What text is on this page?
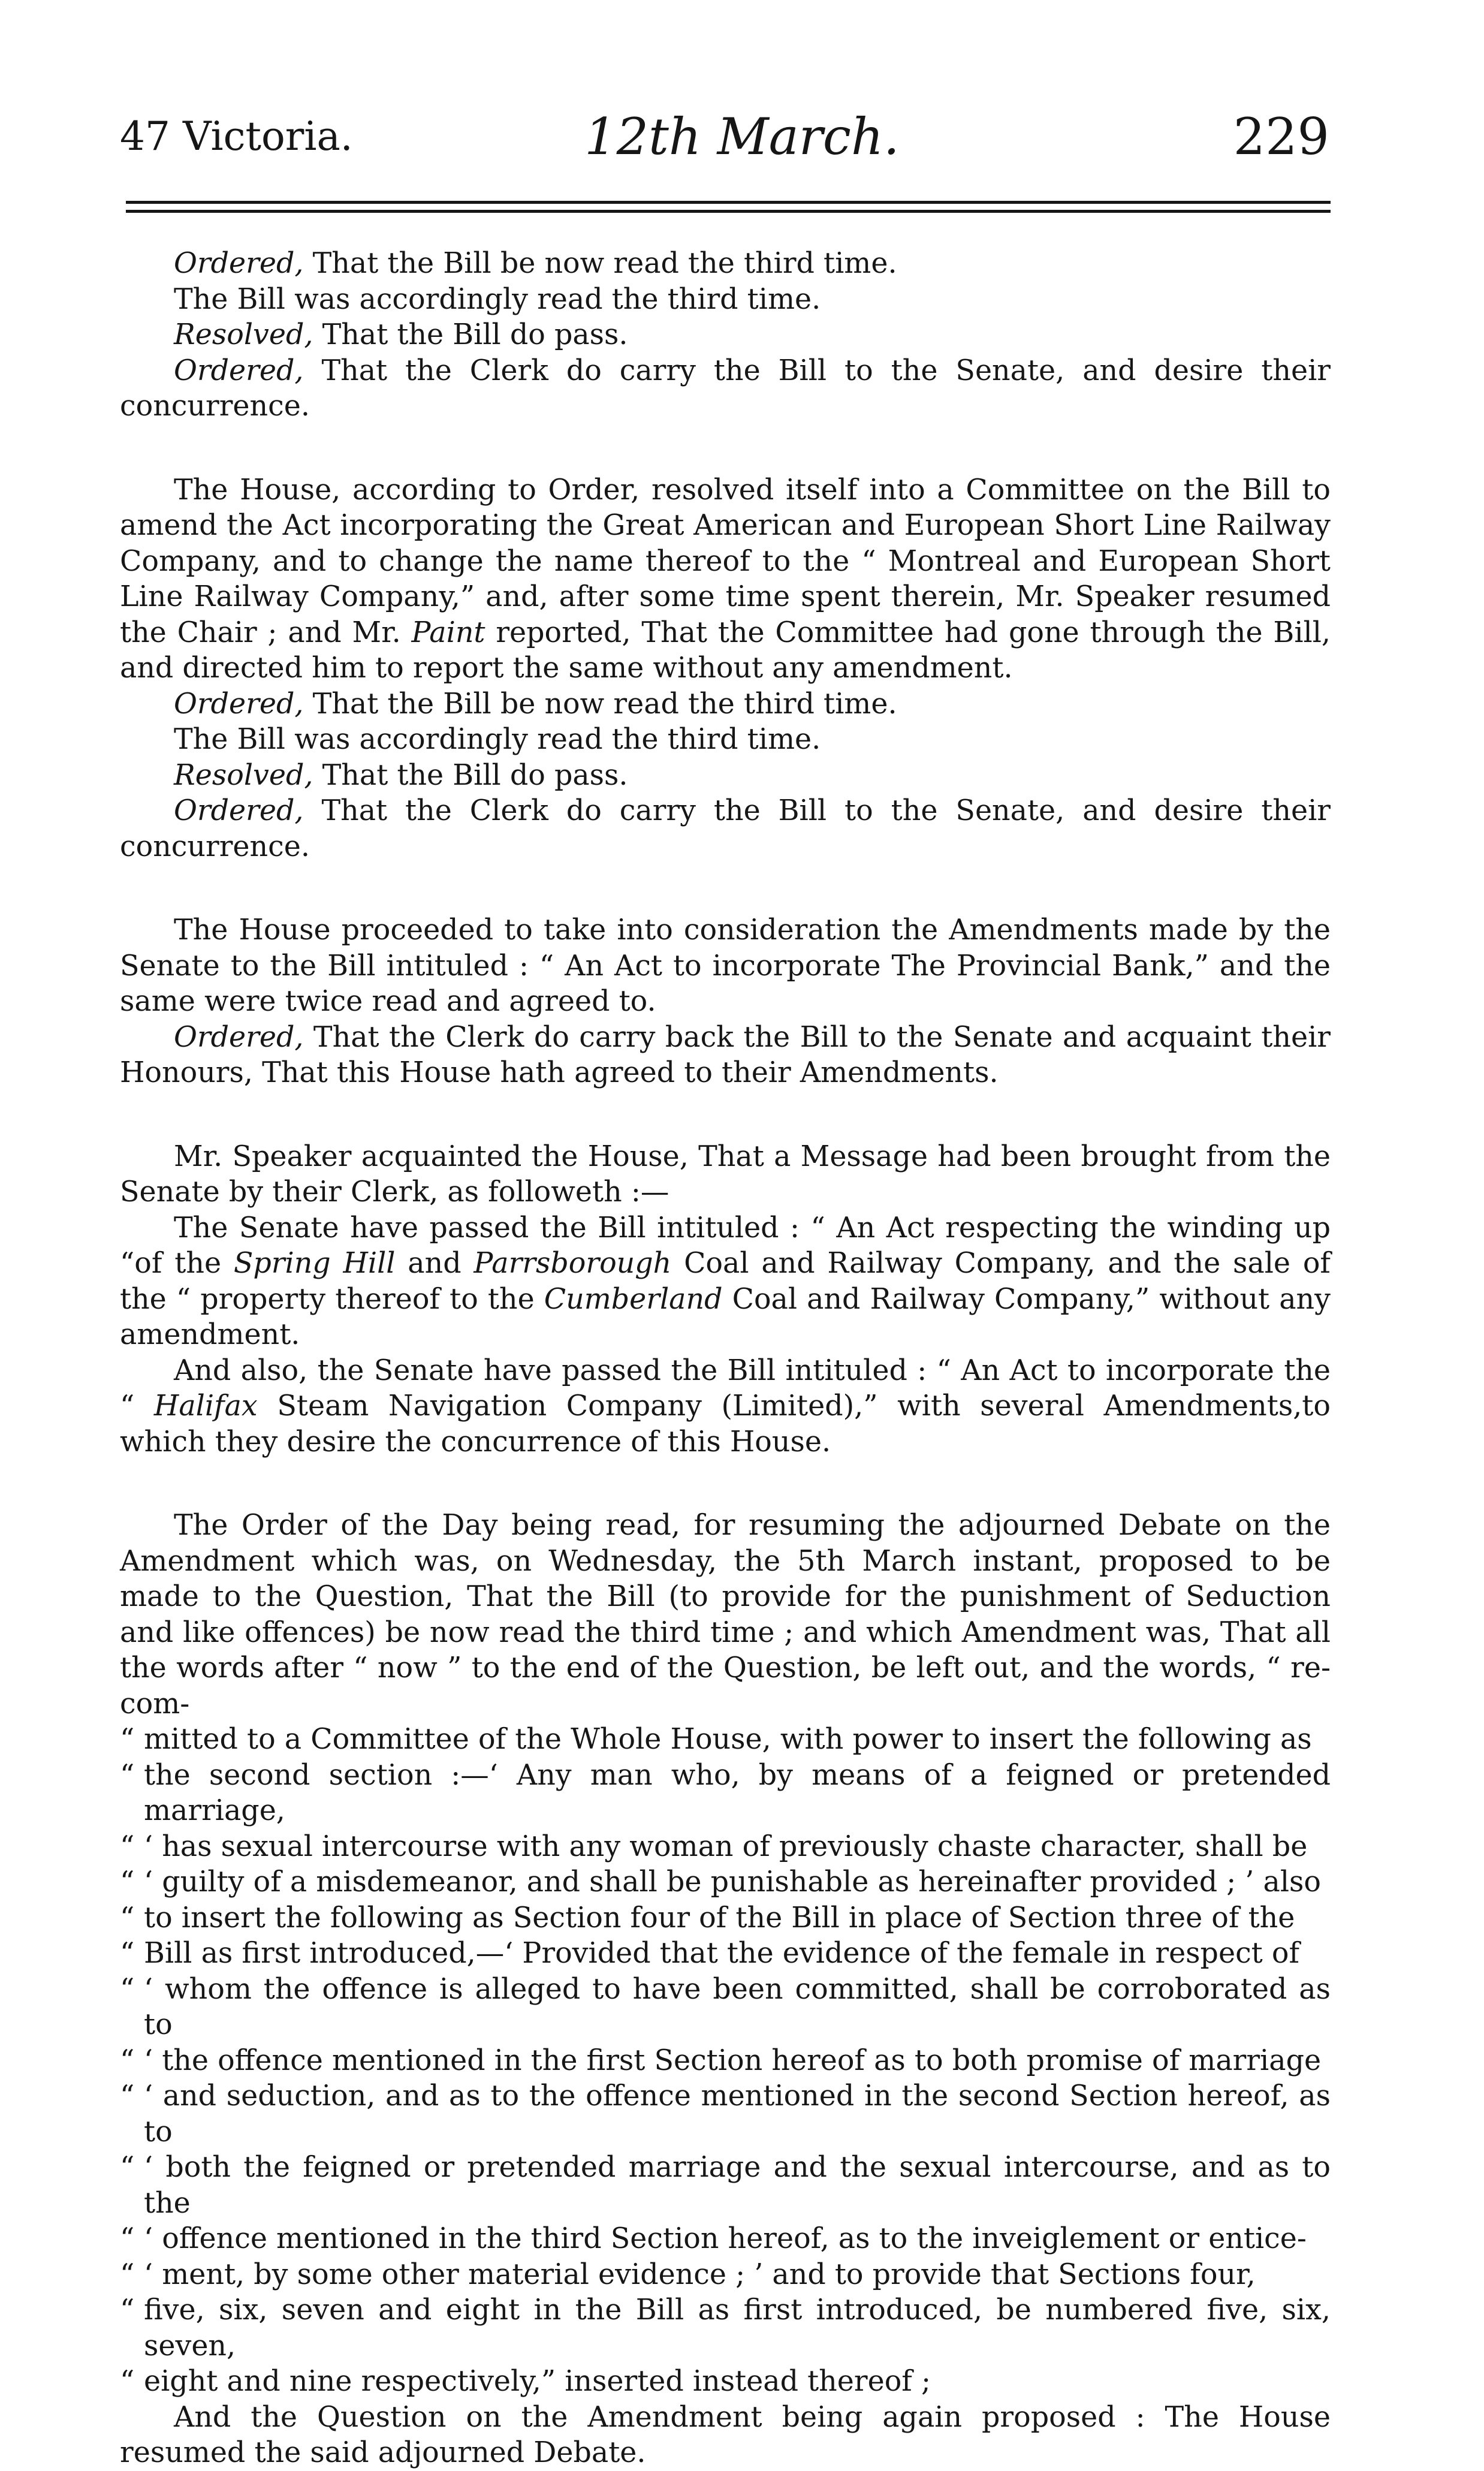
12th March.
47 Victoria.	229

Ordered, That the Bill be now read the third time.

The Bill was accordingly read the third time.

Resolved, That the Bill do pass.

Ordered, That the Clerk do carry the Bill to the Senate, and desire their concurrence.

The House, according to Order, resolved itself into a Committee on the Bill to amend the Act incorporating the Great American and European Short Line Railway Company, and to change the name thereof to the “ Montreal and European Short Line Railway Company,” and, after some time spent therein, Mr. Speaker resumed the Chair ; and Mr. Paint reported, That the Committee had gone through the Bill, and directed him to report the same without any amendment.

Ordered, That the Bill be now read the third time.

The Bill was accordingly read the third time.

Resolved, That the Bill do pass.

Ordered, That the Clerk do carry the Bill to the Senate, and desire their concurrence.

The House proceeded to take into consideration the Amendments made by the Senate to the Bill intituled : “ An Act to incorporate The Provincial Bank,” and the same were twice read and agreed to.

Ordered, That the Clerk do carry back the Bill to the Senate and acquaint their Honours, That this House hath agreed to their Amendments.

Mr. Speaker acquainted the House, That a Message had been brought from the Senate by their Clerk, as followeth :—

The Senate have passed the Bill intituled : “ An Act respecting the winding up “of the Spring Hill and Parrsborough Coal and Railway Company, and the sale of the “ property thereof to the Cumberland Coal and Railway Company,” without any amendment.

And also, the Senate have passed the Bill intituled : “ An Act to incorporate the “ Halifax Steam Navigation Company (Limited),” with several Amendments,to which they desire the concurrence of this House.

The Order of the Day being read, for resuming the adjourned Debate on the Amendment which was, on Wednesday, the 5th March instant, proposed to be made to the Question, That the Bill (to provide for the punishment of Seduction and like offences) be now read the third time ; and which Amendment was, That all the words after “ now ” to the end of the Question, be left out, and the words, “ re-com-

“ mitted to a Committee of the Whole House, with power to insert the following as
“ the second section :—‘ Any man who, by means of a feigned or pretended marriage,
“ ‘ has sexual intercourse with any woman of previously chaste character, shall be
“ ‘ guilty of a misdemeanor, and shall be punishable as hereinafter provided ; ’ also
“ to insert the following as Section four of the Bill in place of Section three of the
“ Bill as first introduced,—‘ Provided that the evidence of the female in respect of
“ ‘ whom the offence is alleged to have been committed, shall be corroborated as to
“ ‘ the offence mentioned in the first Section hereof as to both promise of marriage
“ ‘ and seduction, and as to the offence mentioned in the second Section hereof, as to
“ ‘ both the feigned or pretended marriage and the sexual intercourse, and as to the
“ ‘ offence mentioned in the third Section hereof, as to the inveiglement or entice-
“ ‘ ment, by some other material evidence ; ’ and to provide that Sections four,
“ five, six, seven and eight in the Bill as first introduced, be numbered five, six, seven,
“ eight and nine respectively,” inserted instead thereof ;

And the Question on the Amendment being again proposed : The House resumed the said adjourned Debate.
